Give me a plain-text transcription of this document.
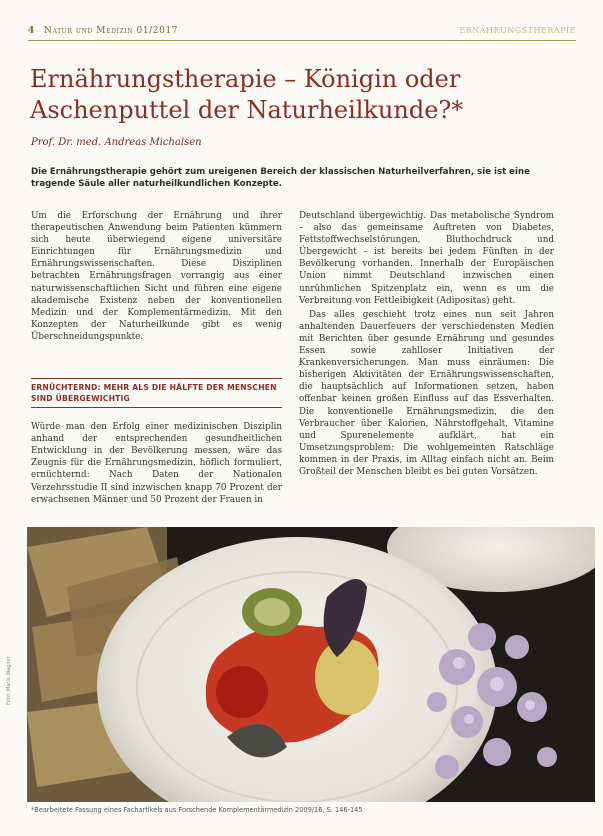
4 Natur und Medizin 01/2017	ERNÄHRUNGSTHERAPIE
Ernährungstherapie – Königin oder Aschenputtel der Naturheilkunde?*
Prof. Dr. med. Andreas Michalsen
Die Ernährungstherapie gehört zum ureigenen Bereich der klassischen Naturheilverfahren, sie ist eine tragende Säule aller naturheilkundlichen Konzepte.

Um die Erforschung der Ernährung und ihrer therapeutischen Anwendung beim Patienten kümmern sich heute überwiegend eigene universitäre Einrichtungen für Ernährungsmedizin und Ernährungswissenschaften. Diese Disziplinen betrachten Ernährungsfragen vorrangig aus einer naturwissenschaftlichen Sicht und führen eine eigene akademische Existenz neben der konventionellen Medizin und der Komplementärmedizin. Mit den Konzepten der Naturheilkunde gibt es wenig Überschneidungspunkte.

Würde man den Erfolg einer medizinischen Disziplin anhand der entsprechenden gesundheitlichen Entwicklung in der Bevölkerung messen, wäre das Zeugnis für die Ernährungsmedizin, höflich formuliert, ernüchternd: Nach Daten der Nationalen Verzehrsstudie II sind inzwischen knapp 70 Prozent der erwachsenen Männer und 50 Prozent der Frauen in

ERNÜCHTERND: MEHR ALS DIE HÄLFTE DER MENSCHEN SIND ÜBERGEWICHTIG

Deutschland übergewichtig. Das metabolische Syndrom – also das gemeinsame Auftreten von Diabetes, Fettstoffwechselstörungen, Bluthochdruck und Übergewicht – ist bereits bei jedem Fünften in der Bevölkerung vorhanden. Innerhalb der Europäischen Union nimmt Deutschland inzwischen einen unrühmlichen Spitzenplatz ein, wenn es um die Verbreitung von Fettleibigkeit (Adipositas) geht.

Das alles geschieht trotz eines nun seit Jahren anhaltenden Dauerfeuers der verschiedensten Medien mit Berichten über gesunde Ernährung und gesundes Essen sowie zahlloser Initiativen der Krankenversicherungen. Man muss einräumen: Die bisherigen Aktivitäten der Ernährungswissenschaften, die hauptsächlich auf Informationen setzen, haben offenbar keinen großen Einfluss auf das Essverhalten. Die konventionelle Ernährungsmedizin, die den Verbraucher über Kalorien, Nährstoffgehalt, Vitamine und Spurenelemente aufklärt, hat ein Umsetzungsproblem: Die wohlgemeinten Ratschläge kommen in der Praxis, im Alltag einfach nicht an. Beim Großteil der Menschen bleibt es bei guten Vorsätzen.

Foto: Mario Wagner
*Bearbeitete Fassung eines Fachartikels aus Forschende Komplementärmedizin 2009/16, S. 146-145
